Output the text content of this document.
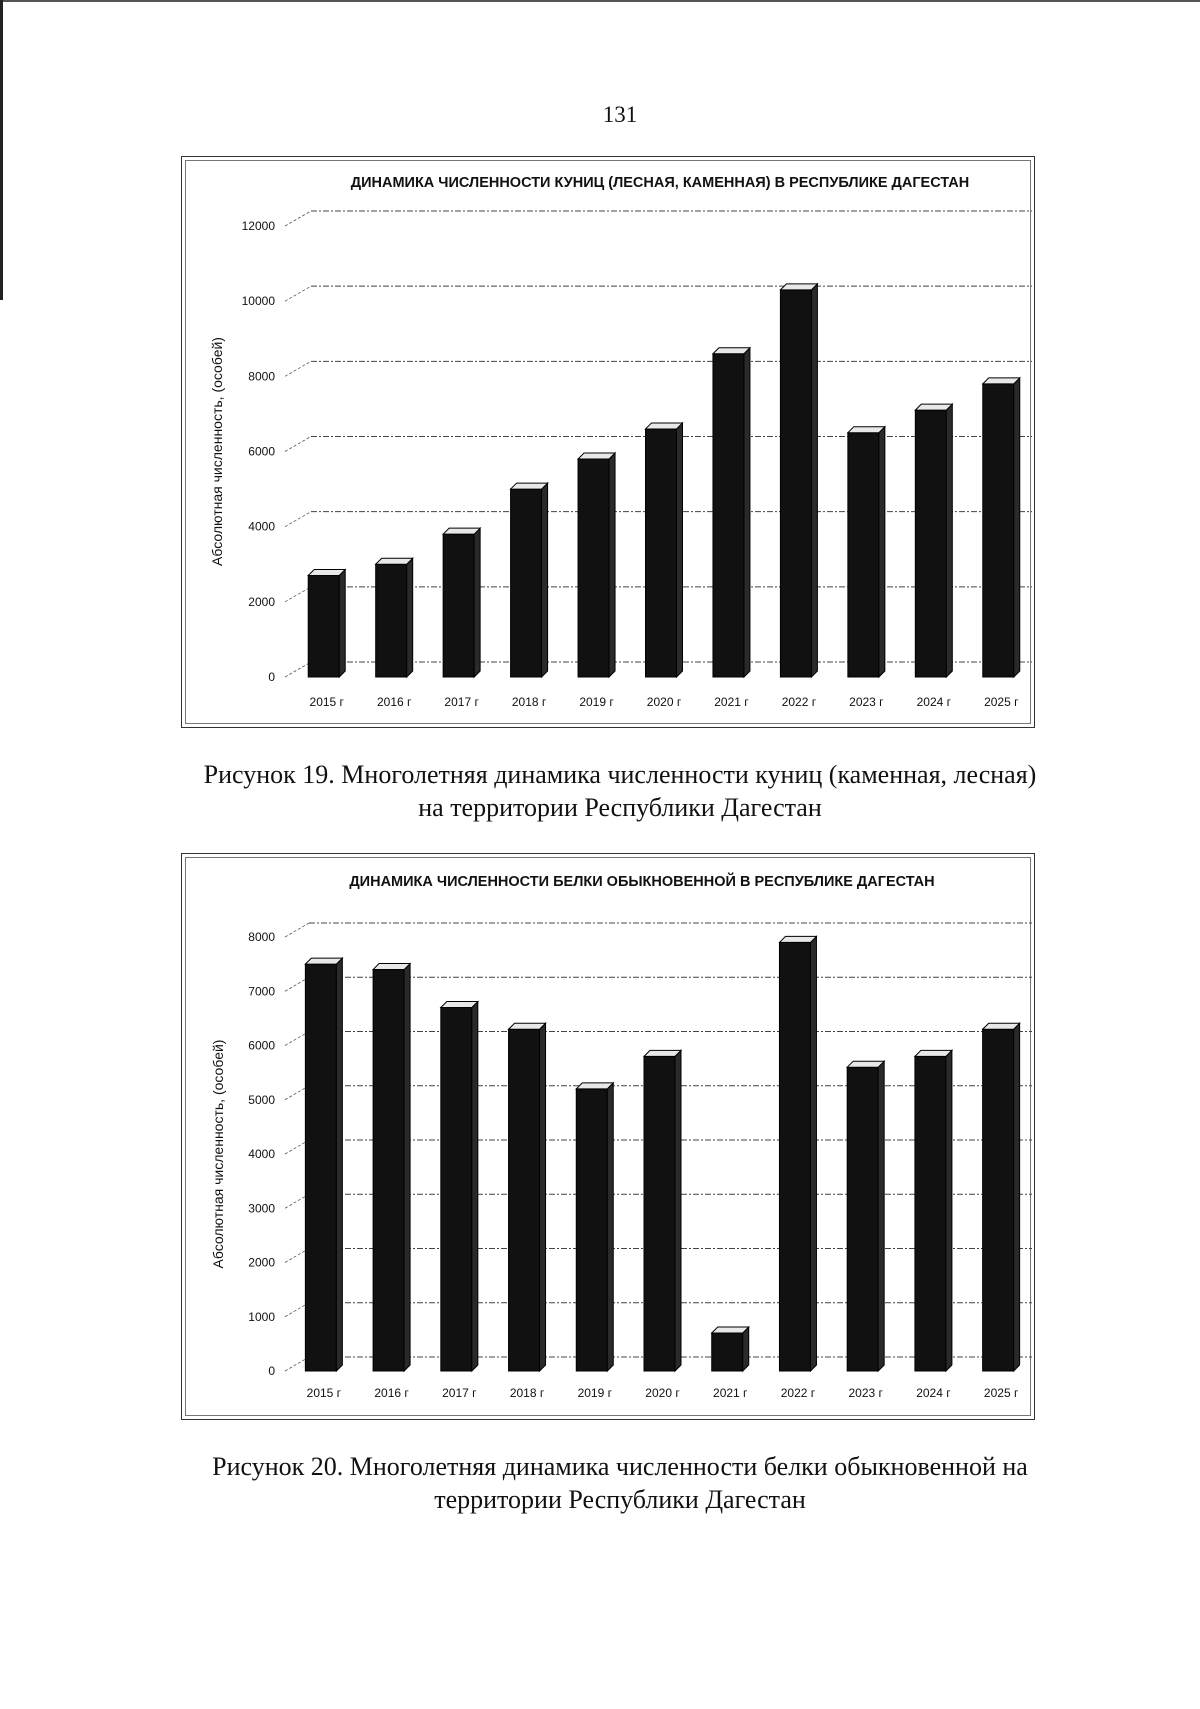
131
ДИНАМИКА ЧИСЛЕННОСТИ КУНИЦ (ЛЕСНАЯ, КАМЕННАЯ) В РЕСПУБЛИКЕ ДАГЕСТАН
0
2000
4000
6000
8000
10000
12000
Абсолютная численность, (особей)
2015 г	2016 г	2017 г	2018 г	2019 г	2020 г	2021 г	2022 г	2023 г	2024 г	2025 г
Рисунок 19. Многолетняя динамика численности куниц (каменная, лесная)
на территории Республики Дагестан
ДИНАМИКА ЧИСЛЕННОСТИ БЕЛКИ ОБЫКНОВЕННОЙ В РЕСПУБЛИКЕ ДАГЕСТАН
0
1000
2000
3000
4000
5000
6000
7000
8000
Абсолютная численность, (особей)
2015 г	2016 г	2017 г	2018 г	2019 г	2020 г	2021 г	2022 г	2023 г	2024 г	2025 г
Рисунок 20. Многолетняя динамика численности белки обыкновенной на
территории Республики Дагестан
